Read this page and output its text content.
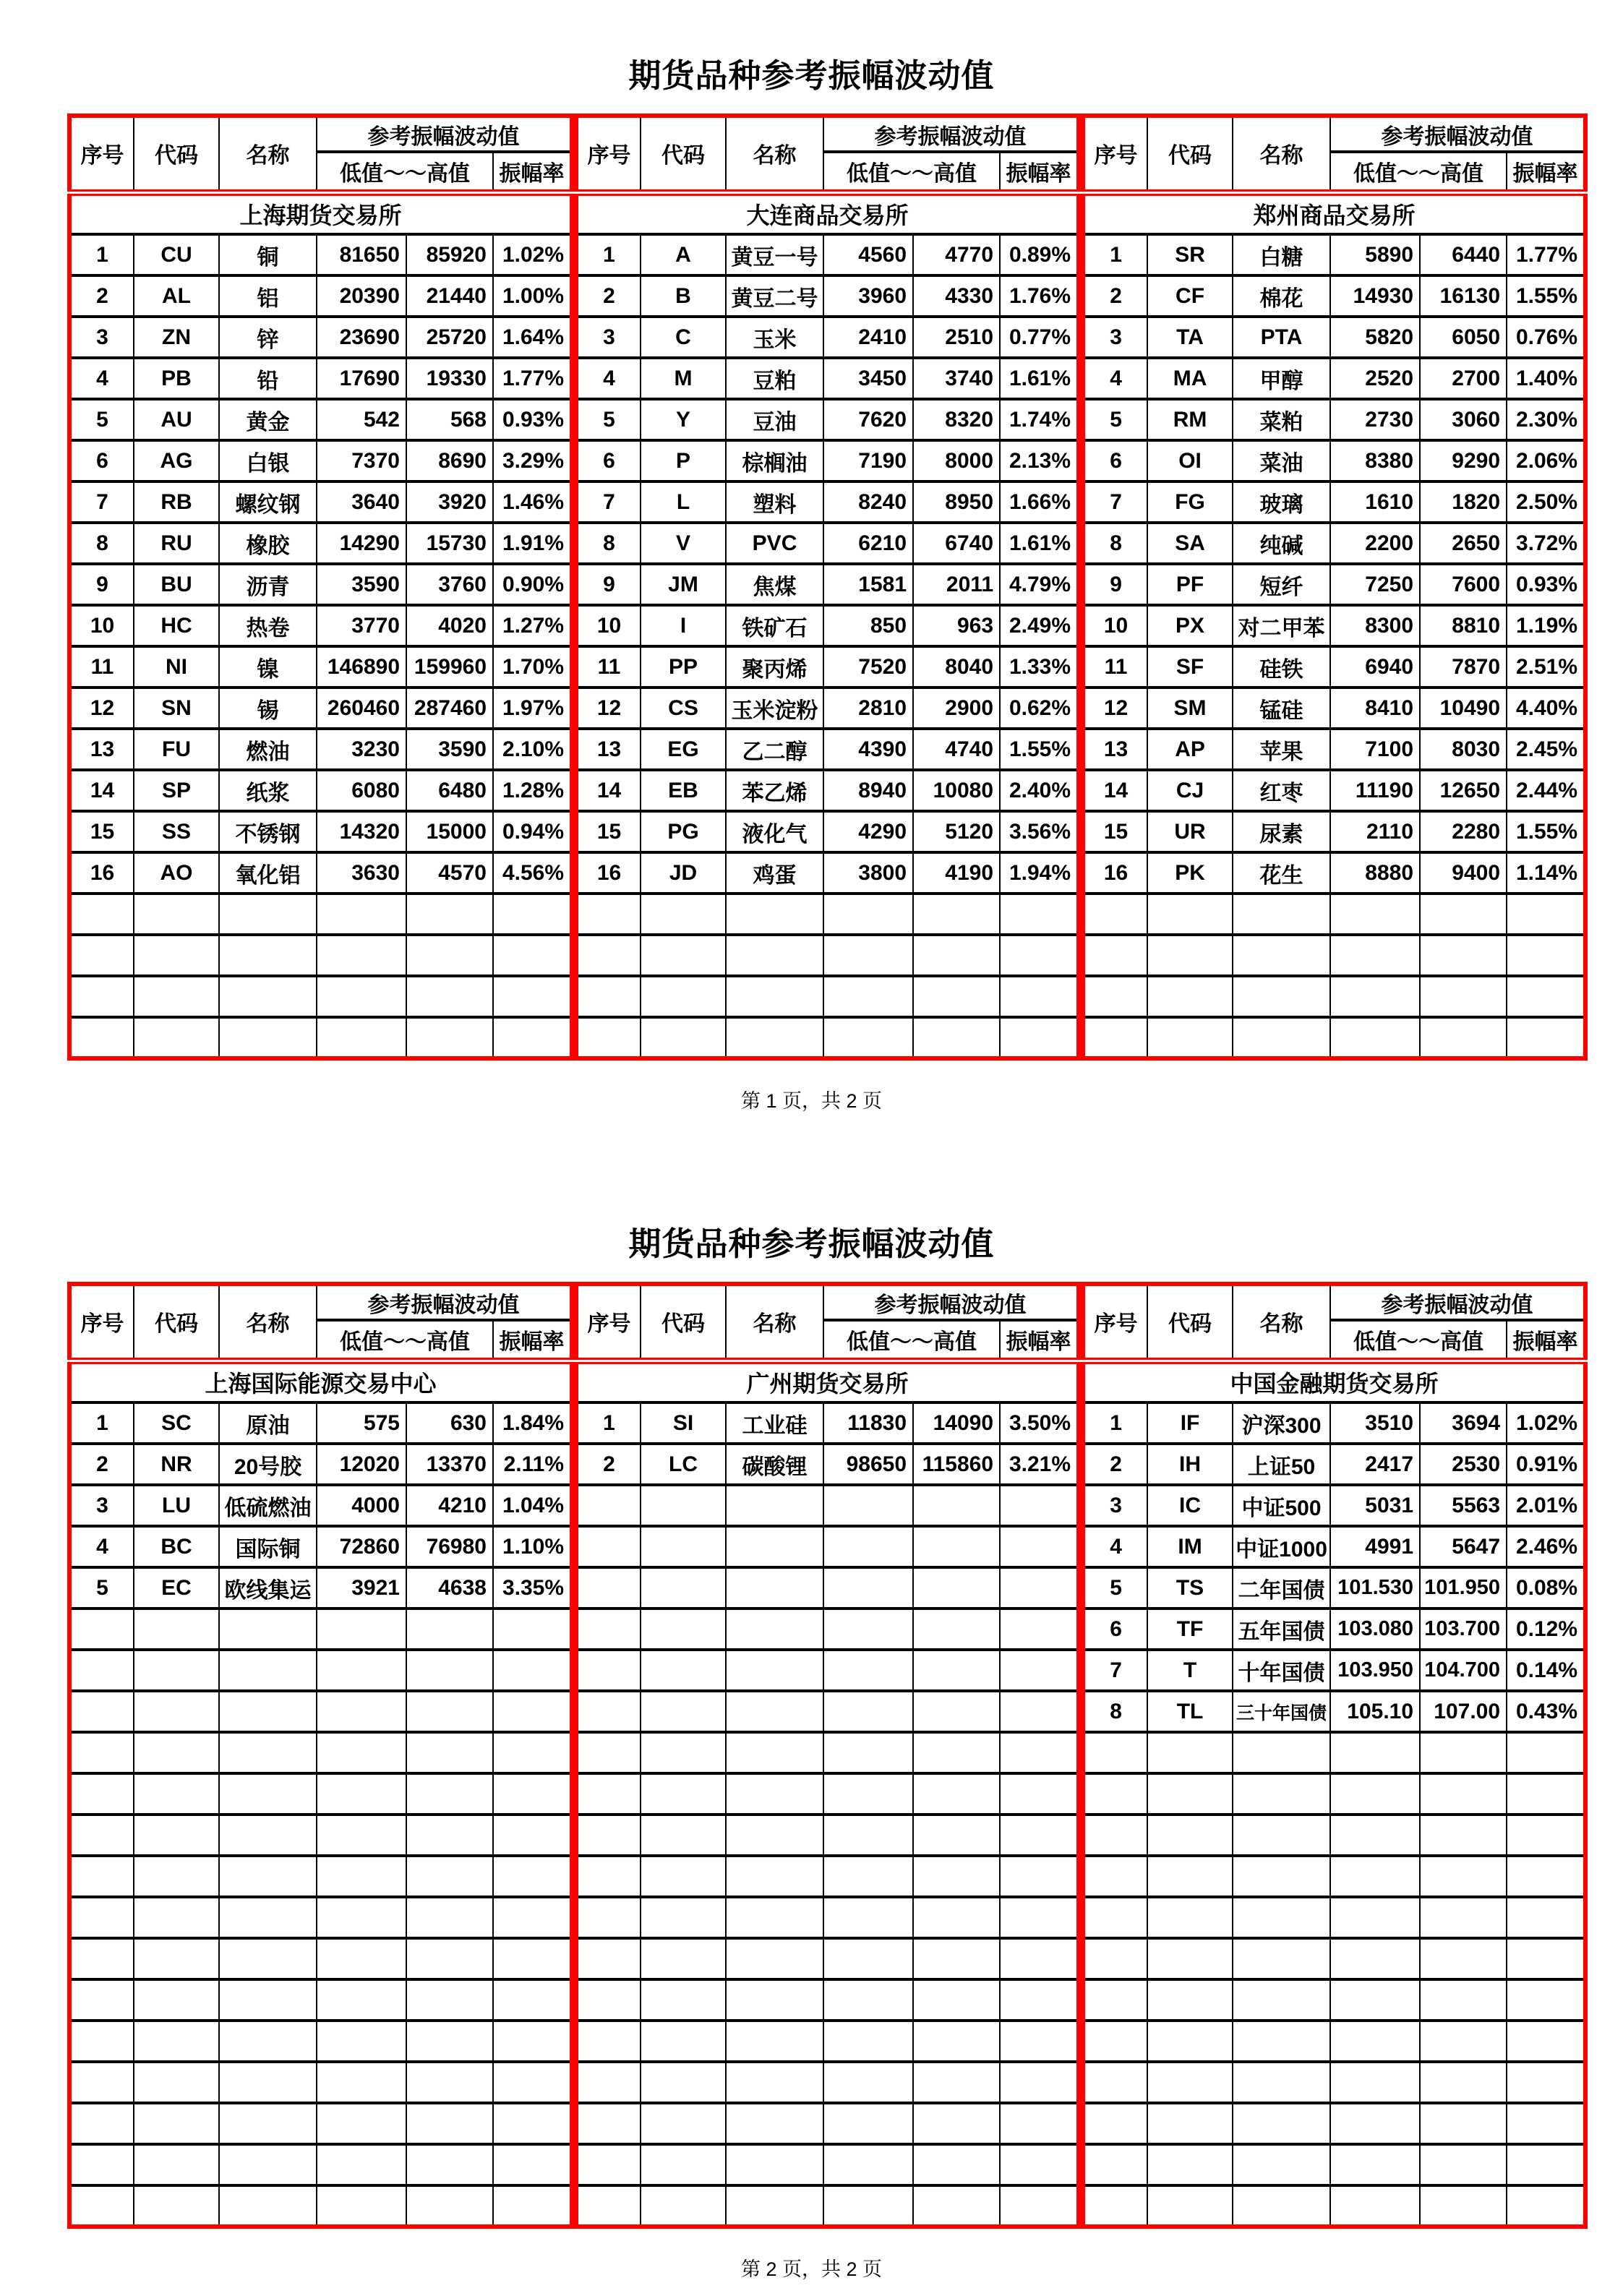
期货品种参考振幅波动值
序号	代码	名称	参考振幅波动值		
			低值～～高值		振幅率
上海期货交易所					
1	CU	铜	81650	85920	1.02%
2	AL	铝	20390	21440	1.00%
3	ZN	锌	23690	25720	1.64%
4	PB	铅	17690	19330	1.77%
5	AU	黄金	542	568	0.93%
6	AG	白银	7370	8690	3.29%
7	RB	螺纹钢	3640	3920	1.46%
8	RU	橡胶	14290	15730	1.91%
9	BU	沥青	3590	3760	0.90%
10	HC	热卷	3770	4020	1.27%
11	NI	镍	146890	159960	1.70%
12	SN	锡	260460	287460	1.97%
13	FU	燃油	3230	3590	2.10%
14	SP	纸浆	6080	6480	1.28%
15	SS	不锈钢	14320	15000	0.94%
16	AO	氧化铝	3630	4570	4.56%

序号	代码	名称	参考振幅波动值		
			低值～～高值		振幅率
大连商品交易所					
1	A	黄豆一号	4560	4770	0.89%
2	B	黄豆二号	3960	4330	1.76%
3	C	玉米	2410	2510	0.77%
4	M	豆粕	3450	3740	1.61%
5	Y	豆油	7620	8320	1.74%
6	P	棕榈油	7190	8000	2.13%
7	L	塑料	8240	8950	1.66%
8	V	PVC	6210	6740	1.61%
9	JM	焦煤	1581	2011	4.79%
10	I	铁矿石	850	963	2.49%
11	PP	聚丙烯	7520	8040	1.33%
12	CS	玉米淀粉	2810	2900	0.62%
13	EG	乙二醇	4390	4740	1.55%
14	EB	苯乙烯	8940	10080	2.40%
15	PG	液化气	4290	5120	3.56%
16	JD	鸡蛋	3800	4190	1.94%

序号	代码	名称	参考振幅波动值		
			低值～～高值		振幅率
郑州商品交易所					
1	SR	白糖	5890	6440	1.77%
2	CF	棉花	14930	16130	1.55%
3	TA	PTA	5820	6050	0.76%
4	MA	甲醇	2520	2700	1.40%
5	RM	菜粕	2730	3060	2.30%
6	OI	菜油	8380	9290	2.06%
7	FG	玻璃	1610	1820	2.50%
8	SA	纯碱	2200	2650	3.72%
9	PF	短纤	7250	7600	0.93%
10	PX	对二甲苯	8300	8810	1.19%
11	SF	硅铁	6940	7870	2.51%
12	SM	锰硅	8410	10490	4.40%
13	AP	苹果	7100	8030	2.45%
14	CJ	红枣	11190	12650	2.44%
15	UR	尿素	2110	2280	1.55%
16	PK	花生	8880	9400	1.14%

第 1 页，共 2 页
期货品种参考振幅波动值
序号	代码	名称	参考振幅波动值		
			低值～～高值		振幅率
上海国际能源交易中心					
1	SC	原油	575	630	1.84%
2	NR	20号胶	12020	13370	2.11%
3	LU	低硫燃油	4000	4210	1.04%
4	BC	国际铜	72860	76980	1.10%
5	EC	欧线集运	3921	4638	3.35%

序号	代码	名称	参考振幅波动值		
			低值～～高值		振幅率
广州期货交易所					
1	SI	工业硅	11830	14090	3.50%
2	LC	碳酸锂	98650	115860	3.21%

序号	代码	名称	参考振幅波动值		
			低值～～高值		振幅率
中国金融期货交易所					
1	IF	沪深300	3510	3694	1.02%
2	IH	上证50	2417	2530	0.91%
3	IC	中证500	5031	5563	2.01%
4	IM	中证1000	4991	5647	2.46%
5	TS	二年国债	101.530	101.950	0.08%
6	TF	五年国债	103.080	103.700	0.12%
7	T	十年国债	103.950	104.700	0.14%
8	TL	三十年国债	105.10	107.00	0.43%

第 2 页，共 2 页
